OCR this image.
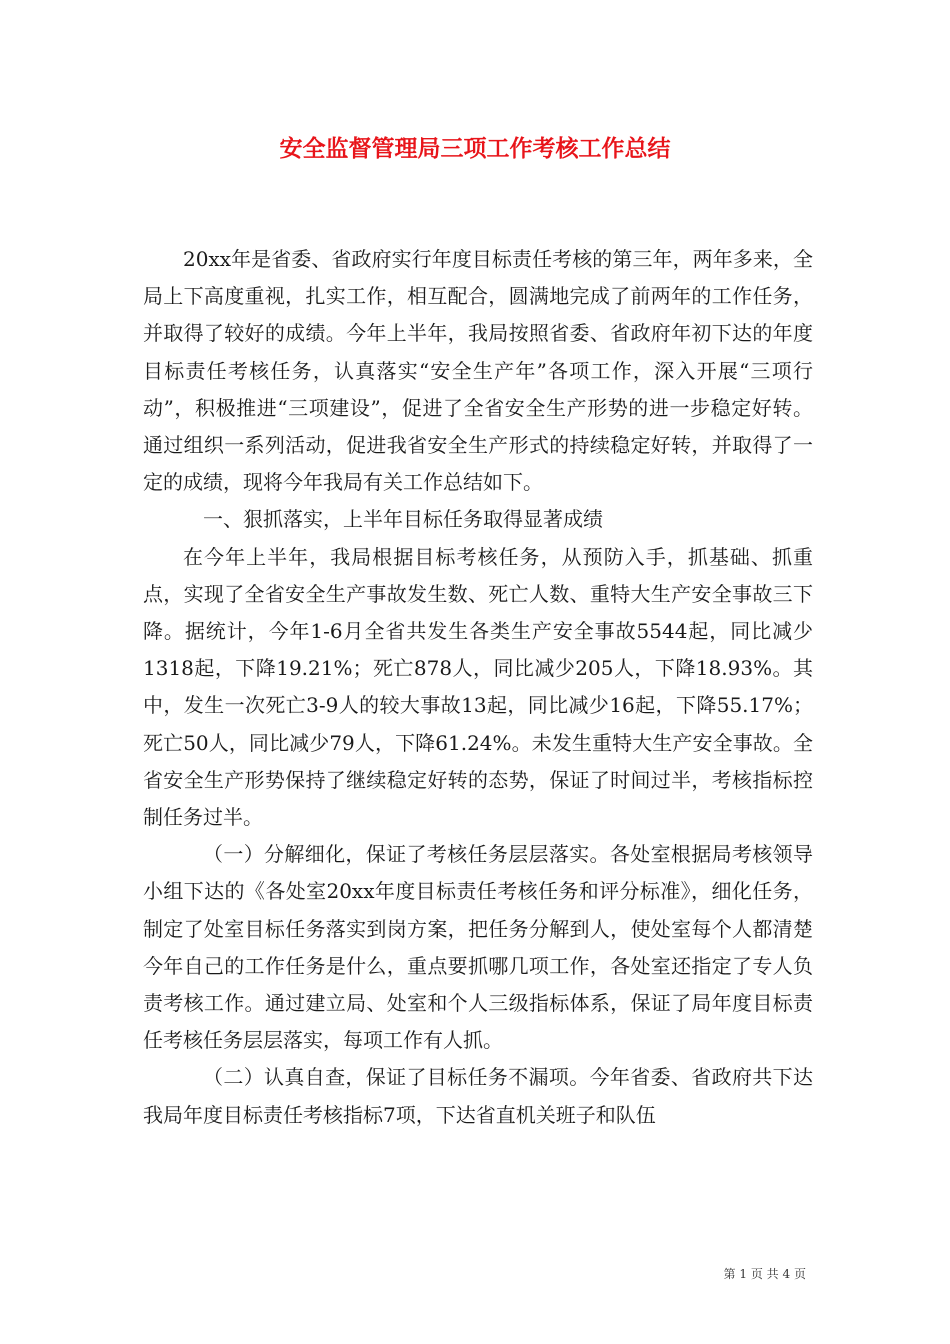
安全监督管理局三项工作考核工作总结

20xx年是省委、省政府实行年度目标责任考核的第三年，两年多来，全局上下高度重视，扎实工作，相互配合，圆满地完成了前两年的工作任务，并取得了较好的成绩。今年上半年，我局按照省委、省政府年初下达的年度目标责任考核任务，认真落实“安全生产年”各项工作，深入开展“三项行动”，积极推进“三项建设”，促进了全省安全生产形势的进一步稳定好转。通过组织一系列活动，促进我省安全生产形式的持续稳定好转，并取得了一定的成绩，现将今年我局有关工作总结如下。

一、狠抓落实，上半年目标任务取得显著成绩

在今年上半年，我局根据目标考核任务，从预防入手，抓基础、抓重点，实现了全省安全生产事故发生数、死亡人数、重特大生产安全事故三下降。据统计，今年1-6月全省共发生各类生产安全事故5544起，同比减少1318起，下降19.21%；死亡878人，同比减少205人，下降18.93%。其中，发生一次死亡3-9人的较大事故13起，同比减少16起，下降55.17%；死亡50人，同比减少79人，下降61.24%。未发生重特大生产安全事故。全省安全生产形势保持了继续稳定好转的态势，保证了时间过半，考核指标控制任务过半。

（一）分解细化，保证了考核任务层层落实。各处室根据局考核领导小组下达的《各处室20xx年度目标责任考核任务和评分标准》，细化任务，制定了处室目标任务落实到岗方案，把任务分解到人，使处室每个人都清楚今年自己的工作任务是什么，重点要抓哪几项工作，各处室还指定了专人负责考核工作。通过建立局、处室和个人三级指标体系，保证了局年度目标责任考核任务层层落实，每项工作有人抓。

（二）认真自查，保证了目标任务不漏项。今年省委、省政府共下达我局年度目标责任考核指标7项，下达省直机关班子和队伍

第 1 页 共 4 页
